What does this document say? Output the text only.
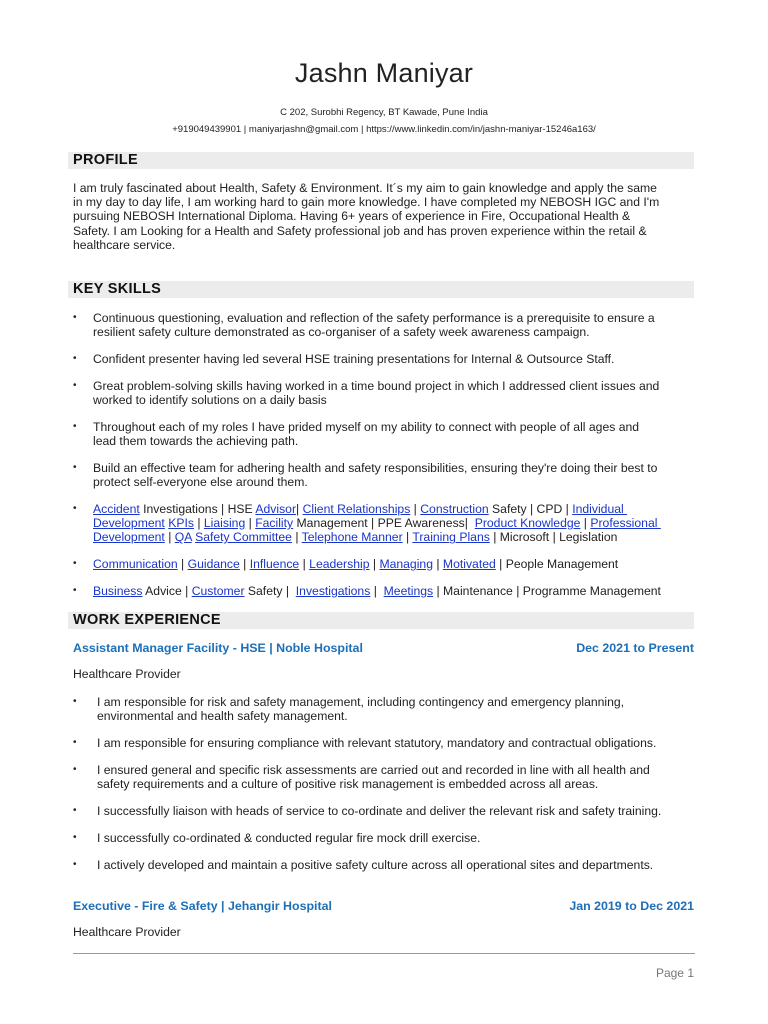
Jashn Maniyar
C 202, Surobhi Regency, BT Kawade, Pune India
+919049439901 | maniyarjashn@gmail.com | https://www.linkedin.com/in/jashn-maniyar-15246a163/
PROFILE
I am truly fascinated about Health, Safety & Environment. It´s my aim to gain knowledge and apply the same
in my day to day life, I am working hard to gain more knowledge. I have completed my NEBOSH IGC and I'm
pursuing NEBOSH International Diploma. Having 6+ years of experience in Fire, Occupational Health &
Safety. I am Looking for a Health and Safety professional job and has proven experience within the retail &
healthcare service.
KEY SKILLS
• Continuous questioning, evaluation and reflection of the safety performance is a prerequisite to ensure a
resilient safety culture demonstrated as co-organiser of a safety week awareness campaign.
• Confident presenter having led several HSE training presentations for Internal & Outsource Staff.
• Great problem-solving skills having worked in a time bound project in which I addressed client issues and
worked to identify solutions on a daily basis
• Throughout each of my roles I have prided myself on my ability to connect with people of all ages and
lead them towards the achieving path.
• Build an effective team for adhering health and safety responsibilities, ensuring they're doing their best to
protect self-everyone else around them.
• Accident Investigations | HSE Advisor| Client Relationships | Construction Safety | CPD | Individual
Development KPIs | Liaising | Facility Management | PPE Awareness|  Product Knowledge | Professional
Development | QA Safety Committee | Telephone Manner | Training Plans | Microsoft | Legislation
• Communication | Guidance | Influence | Leadership | Managing | Motivated | People Management
• Business Advice | Customer Safety |  Investigations |  Meetings | Maintenance | Programme Management
WORK EXPERIENCE
Assistant Manager Facility - HSE | Noble Hospital	Dec 2021 to Present
Healthcare Provider
• I am responsible for risk and safety management, including contingency and emergency planning,
environmental and health safety management.
• I am responsible for ensuring compliance with relevant statutory, mandatory and contractual obligations.
• I ensured general and specific risk assessments are carried out and recorded in line with all health and
safety requirements and a culture of positive risk management is embedded across all areas.
• I successfully liaison with heads of service to co-ordinate and deliver the relevant risk and safety training.
• I successfully co-ordinated & conducted regular fire mock drill exercise.
• I actively developed and maintain a positive safety culture across all operational sites and departments.
Executive - Fire & Safety | Jehangir Hospital	Jan 2019 to Dec 2021
Healthcare Provider
Page 1
